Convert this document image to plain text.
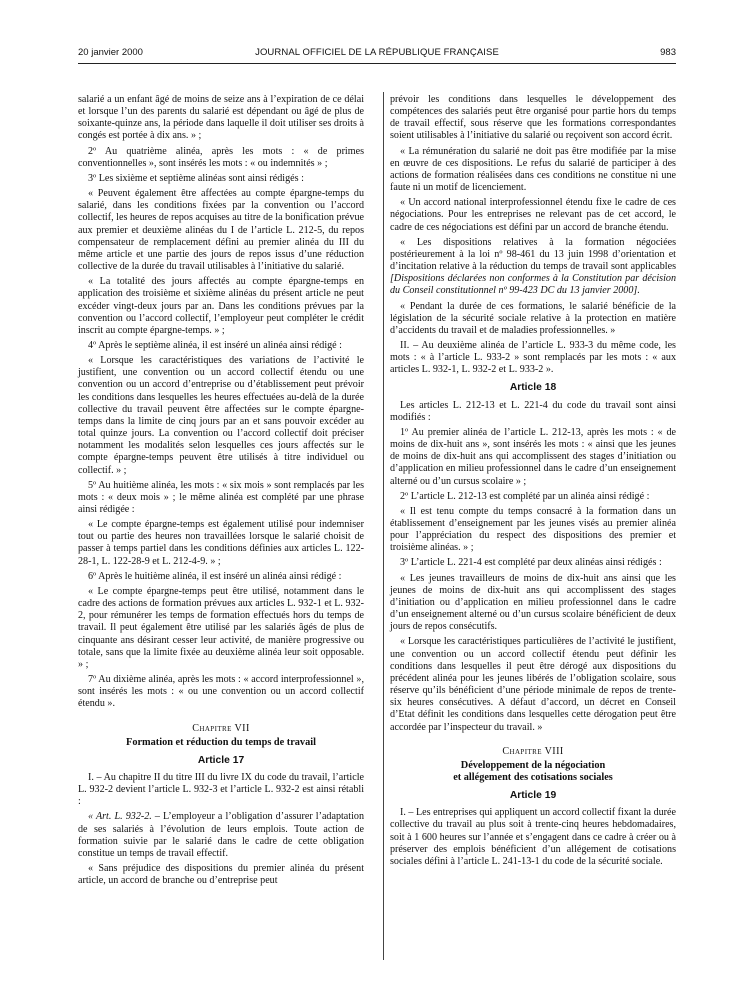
20 janvier 2000	JOURNAL OFFICIEL DE LA RÉPUBLIQUE FRANÇAISE	983

salarié a un enfant âgé de moins de seize ans à l’expiration de ce délai et lorsque l’un des parents du salarié est dépendant ou âgé de plus de soixante-quinze ans, la période dans laquelle il doit utiliser ses droits à congés est portée à dix ans. » ;

2º Au quatrième alinéa, après les mots : « de primes conventionnelles », sont insérés les mots : « ou indemnités » ;

3º Les sixième et septième alinéas sont ainsi rédigés :

« Peuvent également être affectées au compte épargne-temps du salarié, dans les conditions fixées par la convention ou l’accord collectif, les heures de repos acquises au titre de la bonification prévue aux premier et deuxième alinéas du I de l’article L. 212-5, du repos compensateur de remplacement défini au premier alinéa du III du même article et une partie des jours de repos issus d’une réduction collective de la durée du travail utilisables à l’initiative du salarié.

« La totalité des jours affectés au compte épargne-temps en application des troisième et sixième alinéas du présent article ne peut excéder vingt-deux jours par an. Dans les conditions prévues par la convention ou l’accord collectif, l’employeur peut compléter le crédit inscrit au compte épargne-temps. » ;

4º Après le septième alinéa, il est inséré un alinéa ainsi rédigé :

« Lorsque les caractéristiques des variations de l’activité le justifient, une convention ou un accord collectif étendu ou une convention ou un accord d’entreprise ou d’établissement peut prévoir les conditions dans lesquelles les heures effectuées au-delà de la durée collective du travail peuvent être affectées sur le compte épargne-temps dans la limite de cinq jours par an et sans pouvoir excéder au total quinze jours. La convention ou l’accord collectif doit préciser notamment les modalités selon lesquelles ces jours affectés sur le compte épargne-temps peuvent être utilisés à titre individuel ou collectif. » ;

5º Au huitième alinéa, les mots : « six mois » sont remplacés par les mots : « deux mois » ; le même alinéa est complété par une phrase ainsi rédigée :

« Le compte épargne-temps est également utilisé pour indemniser tout ou partie des heures non travaillées lorsque le salarié choisit de passer à temps partiel dans les conditions définies aux articles L. 122-28-1, L. 122-28-9 et L. 212-4-9. » ;

6º Après le huitième alinéa, il est inséré un alinéa ainsi rédigé :

« Le compte épargne-temps peut être utilisé, notamment dans le cadre des actions de formation prévues aux articles L. 932-1 et L. 932-2, pour rémunérer les temps de formation effectués hors du temps de travail. Il peut également être utilisé par les salariés âgés de plus de cinquante ans désirant cesser leur activité, de manière progressive ou totale, sans que la limite fixée au deuxième alinéa leur soit opposable. » ;

7º Au dixième alinéa, après les mots : « accord interprofessionnel », sont insérés les mots : « ou une convention ou un accord collectif étendu ».

Chapitre VII
Formation et réduction du temps de travail
Article 17

I. – Au chapitre II du titre III du livre IX du code du travail, l’article L. 932-2 devient l’article L. 932-3 et l’article L. 932-2 est ainsi rétabli :

« Art. L. 932-2. – L’employeur a l’obligation d’assurer l’adaptation de ses salariés à l’évolution de leurs emplois. Toute action de formation suivie par le salarié dans le cadre de cette obligation constitue un temps de travail effectif.

« Sans préjudice des dispositions du premier alinéa du présent article, un accord de branche ou d’entreprise peut

prévoir les conditions dans lesquelles le développement des compétences des salariés peut être organisé pour partie hors du temps de travail effectif, sous réserve que les formations correspondantes soient utilisables à l’initiative du salarié ou reçoivent son accord écrit.

« La rémunération du salarié ne doit pas être modifiée par la mise en œuvre de ces dispositions. Le refus du salarié de participer à des actions de formation réalisées dans ces conditions ne constitue ni une faute ni un motif de licenciement.

« Un accord national interprofessionnel étendu fixe le cadre de ces négociations. Pour les entreprises ne relevant pas de cet accord, le cadre de ces négociations est défini par un accord de branche étendu.

« Les dispositions relatives à la formation négociées postérieurement à la loi nº 98-461 du 13 juin 1998 d’orientation et d’incitation relative à la réduction du temps de travail sont applicables [Dispositions déclarées non conformes à la Constitution par décision du Conseil constitutionnel nº 99-423 DC du 13 janvier 2000].

« Pendant la durée de ces formations, le salarié bénéficie de la législation de la sécurité sociale relative à la protection en matière d’accidents du travail et de maladies professionnelles. »

II. – Au deuxième alinéa de l’article L. 933-3 du même code, les mots : « à l’article L. 933-2 » sont remplacés par les mots : « aux articles L. 932-1, L. 932-2 et L. 933-2 ».

Article 18

Les articles L. 212-13 et L. 221-4 du code du travail sont ainsi modifiés :

1º Au premier alinéa de l’article L. 212-13, après les mots : « de moins de dix-huit ans », sont insérés les mots : « ainsi que les jeunes de moins de dix-huit ans qui accomplissent des stages d’initiation ou d’application en milieu professionnel dans le cadre d’un enseignement alterné ou d’un cursus scolaire » ;

2º L’article L. 212-13 est complété par un alinéa ainsi rédigé :

« Il est tenu compte du temps consacré à la formation dans un établissement d’enseignement par les jeunes visés au premier alinéa pour l’appréciation du respect des dispositions des premier et troisième alinéas. » ;

3º L’article L. 221-4 est complété par deux alinéas ainsi rédigés :

« Les jeunes travailleurs de moins de dix-huit ans ainsi que les jeunes de moins de dix-huit ans qui accomplissent des stages d’initiation ou d’application en milieu professionnel dans le cadre d’un enseignement alterné ou d’un cursus scolaire bénéficient de deux jours de repos consécutifs.

« Lorsque les caractéristiques particulières de l’activité le justifient, une convention ou un accord collectif étendu peut définir les conditions dans lesquelles il peut être dérogé aux dispositions du précédent alinéa pour les jeunes libérés de l’obligation scolaire, sous réserve qu’ils bénéficient d’une période minimale de repos de trente-six heures consécutives. A défaut d’accord, un décret en Conseil d’Etat définit les conditions dans lesquelles cette dérogation peut être accordée par l’inspecteur du travail. »

Chapitre VIII
Développement de la négociation
et allégement des cotisations sociales
Article 19

I. – Les entreprises qui appliquent un accord collectif fixant la durée collective du travail au plus soit à trente-cinq heures hebdomadaires, soit à 1 600 heures sur l’année et s’engagent dans ce cadre à créer ou à préserver des emplois bénéficient d’un allégement de cotisations sociales défini à l’article L. 241-13-1 du code de la sécurité sociale.
